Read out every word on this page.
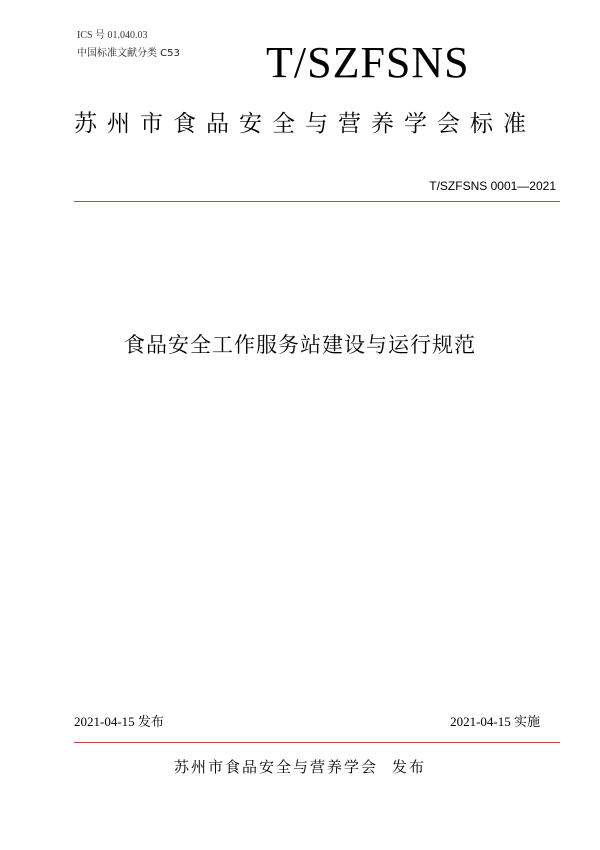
ICS 号 01.040.03
中国标准文献分类 C53 T/SZFSNS
苏州市食品安全与营养学会标准
T/SZFSNS 0001—2021
食品安全工作服务站建设与运行规范
2021-04-15 发布	2021-04-15 实施
苏州市食品安全与营养学会 发布
